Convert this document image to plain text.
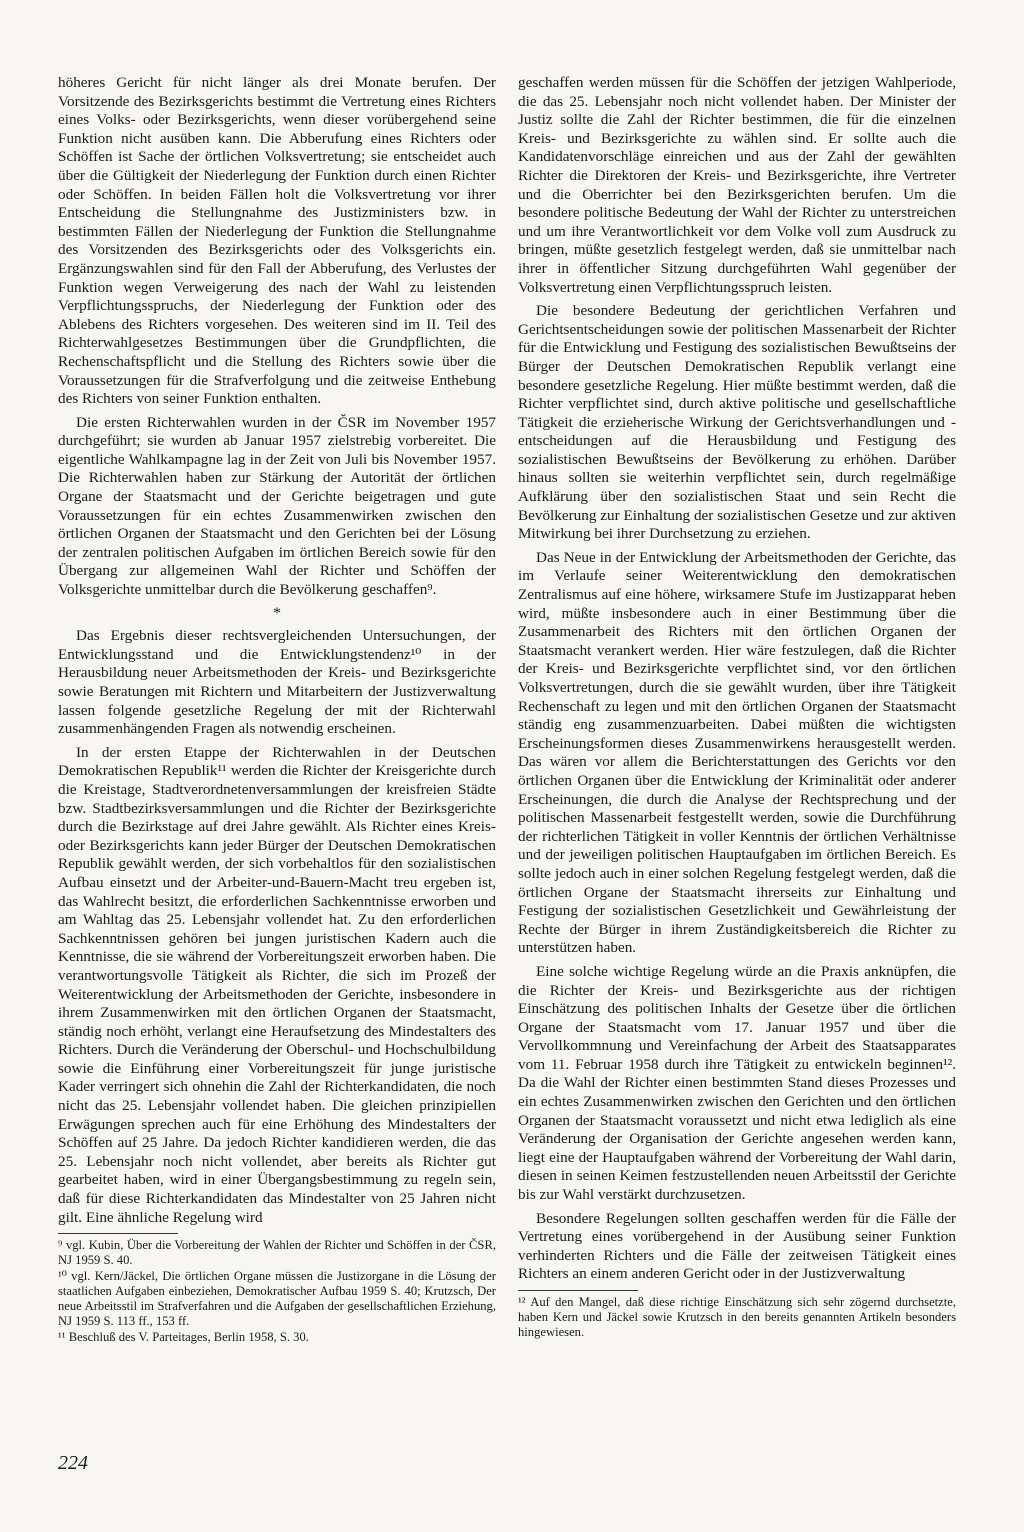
höheres Gericht für nicht länger als drei Monate berufen. Der Vorsitzende des Bezirksgerichts bestimmt die Vertretung eines Richters eines Volks- oder Bezirksgerichts, wenn dieser vorübergehend seine Funktion nicht ausüben kann. Die Abberufung eines Richters oder Schöffen ist Sache der örtlichen Volksvertretung; sie entscheidet auch über die Gültigkeit der Niederlegung der Funktion durch einen Richter oder Schöffen. In beiden Fällen holt die Volksvertretung vor ihrer Entscheidung die Stellungnahme des Justizministers bzw. in bestimmten Fällen der Niederlegung der Funktion die Stellungnahme des Vorsitzenden des Bezirksgerichts oder des Volksgerichts ein. Ergänzungswahlen sind für den Fall der Abberufung, des Verlustes der Funktion wegen Verweigerung des nach der Wahl zu leistenden Verpflichtungsspruchs, der Niederlegung der Funktion oder des Ablebens des Richters vorgesehen. Des weiteren sind im II. Teil des Richterwahlgesetzes Bestimmungen über die Grundpflichten, die Rechenschaftspflicht und die Stellung des Richters sowie über die Voraussetzungen für die Strafverfolgung und die zeitweise Enthebung des Richters von seiner Funktion enthalten.

Die ersten Richterwahlen wurden in der ČSR im November 1957 durchgeführt; sie wurden ab Januar 1957 zielstrebig vorbereitet. Die eigentliche Wahlkampagne lag in der Zeit von Juli bis November 1957. Die Richterwahlen haben zur Stärkung der Autorität der örtlichen Organe der Staatsmacht und der Gerichte beigetragen und gute Voraussetzungen für ein echtes Zusammenwirken zwischen den örtlichen Organen der Staatsmacht und den Gerichten bei der Lösung der zentralen politischen Aufgaben im örtlichen Bereich sowie für den Übergang zur allgemeinen Wahl der Richter und Schöffen der Volksgerichte unmittelbar durch die Bevölkerung geschaffen⁹.

*

Das Ergebnis dieser rechtsvergleichenden Untersuchungen, der Entwicklungsstand und die Entwicklungstendenz¹⁰ in der Herausbildung neuer Arbeitsmethoden der Kreis- und Bezirksgerichte sowie Beratungen mit Richtern und Mitarbeitern der Justizverwaltung lassen folgende gesetzliche Regelung der mit der Richterwahl zusammenhängenden Fragen als notwendig erscheinen.

In der ersten Etappe der Richterwahlen in der Deutschen Demokratischen Republik¹¹ werden die Richter der Kreisgerichte durch die Kreistage, Stadtverordnetenversammlungen der kreisfreien Städte bzw. Stadtbezirksversammlungen und die Richter der Bezirksgerichte durch die Bezirkstage auf drei Jahre gewählt. Als Richter eines Kreis- oder Bezirksgerichts kann jeder Bürger der Deutschen Demokratischen Republik gewählt werden, der sich vorbehaltlos für den sozialistischen Aufbau einsetzt und der Arbeiter-und-Bauern-Macht treu ergeben ist, das Wahlrecht besitzt, die erforderlichen Sachkenntnisse erworben und am Wahltag das 25. Lebensjahr vollendet hat. Zu den erforderlichen Sachkenntnissen gehören bei jungen juristischen Kadern auch die Kenntnisse, die sie während der Vorbereitungszeit erworben haben. Die verantwortungsvolle Tätigkeit als Richter, die sich im Prozeß der Weiterentwicklung der Arbeitsmethoden der Gerichte, insbesondere in ihrem Zusammenwirken mit den örtlichen Organen der Staatsmacht, ständig noch erhöht, verlangt eine Heraufsetzung des Mindestalters des Richters. Durch die Veränderung der Oberschul- und Hochschulbildung sowie die Einführung einer Vorbereitungszeit für junge juristische Kader verringert sich ohnehin die Zahl der Richterkandidaten, die noch nicht das 25. Lebensjahr vollendet haben. Die gleichen prinzipiellen Erwägungen sprechen auch für eine Erhöhung des Mindestalters der Schöffen auf 25 Jahre. Da jedoch Richter kandidieren werden, die das 25. Lebensjahr noch nicht vollendet, aber bereits als Richter gut gearbeitet haben, wird in einer Übergangsbestimmung zu regeln sein, daß für diese Richterkandidaten das Mindestalter von 25 Jahren nicht gilt. Eine ähnliche Regelung wird

⁹ vgl. Kubin, Über die Vorbereitung der Wahlen der Richter und Schöffen in der ČSR, NJ 1959 S. 40.

¹⁰ vgl. Kern/Jäckel, Die örtlichen Organe müssen die Justizorgane in die Lösung der staatlichen Aufgaben einbeziehen, Demokratischer Aufbau 1959 S. 40; Krutzsch, Der neue Arbeitsstil im Strafverfahren und die Aufgaben der gesellschaftlichen Erziehung, NJ 1959 S. 113 ff., 153 ff.

¹¹ Beschluß des V. Parteitages, Berlin 1958, S. 30.

geschaffen werden müssen für die Schöffen der jetzigen Wahlperiode, die das 25. Lebensjahr noch nicht vollendet haben. Der Minister der Justiz sollte die Zahl der Richter bestimmen, die für die einzelnen Kreis- und Bezirksgerichte zu wählen sind. Er sollte auch die Kandidatenvorschläge einreichen und aus der Zahl der gewählten Richter die Direktoren der Kreis- und Bezirksgerichte, ihre Vertreter und die Oberrichter bei den Bezirksgerichten berufen. Um die besondere politische Bedeutung der Wahl der Richter zu unterstreichen und um ihre Verantwortlichkeit vor dem Volke voll zum Ausdruck zu bringen, müßte gesetzlich festgelegt werden, daß sie unmittelbar nach ihrer in öffentlicher Sitzung durchgeführten Wahl gegenüber der Volksvertretung einen Verpflichtungsspruch leisten.

Die besondere Bedeutung der gerichtlichen Verfahren und Gerichtsentscheidungen sowie der politischen Massenarbeit der Richter für die Entwicklung und Festigung des sozialistischen Bewußtseins der Bürger der Deutschen Demokratischen Republik verlangt eine besondere gesetzliche Regelung. Hier müßte bestimmt werden, daß die Richter verpflichtet sind, durch aktive politische und gesellschaftliche Tätigkeit die erzieherische Wirkung der Gerichtsverhandlungen und -entscheidungen auf die Herausbildung und Festigung des sozialistischen Bewußtseins der Bevölkerung zu erhöhen. Darüber hinaus sollten sie weiterhin verpflichtet sein, durch regelmäßige Aufklärung über den sozialistischen Staat und sein Recht die Bevölkerung zur Einhaltung der sozialistischen Gesetze und zur aktiven Mitwirkung bei ihrer Durchsetzung zu erziehen.

Das Neue in der Entwicklung der Arbeitsmethoden der Gerichte, das im Verlaufe seiner Weiterentwicklung den demokratischen Zentralismus auf eine höhere, wirksamere Stufe im Justizapparat heben wird, müßte insbesondere auch in einer Bestimmung über die Zusammenarbeit des Richters mit den örtlichen Organen der Staatsmacht verankert werden. Hier wäre festzulegen, daß die Richter der Kreis- und Bezirksgerichte verpflichtet sind, vor den örtlichen Volksvertretungen, durch die sie gewählt wurden, über ihre Tätigkeit Rechenschaft zu legen und mit den örtlichen Organen der Staatsmacht ständig eng zusammenzuarbeiten. Dabei müßten die wichtigsten Erscheinungsformen dieses Zusammenwirkens herausgestellt werden. Das wären vor allem die Berichterstattungen des Gerichts vor den örtlichen Organen über die Entwicklung der Kriminalität oder anderer Erscheinungen, die durch die Analyse der Rechtsprechung und der politischen Massenarbeit festgestellt werden, sowie die Durchführung der richterlichen Tätigkeit in voller Kenntnis der örtlichen Verhältnisse und der jeweiligen politischen Hauptaufgaben im örtlichen Bereich. Es sollte jedoch auch in einer solchen Regelung festgelegt werden, daß die örtlichen Organe der Staatsmacht ihrerseits zur Einhaltung und Festigung der sozialistischen Gesetzlichkeit und Gewährleistung der Rechte der Bürger in ihrem Zuständigkeitsbereich die Richter zu unterstützen haben.

Eine solche wichtige Regelung würde an die Praxis anknüpfen, die die Richter der Kreis- und Bezirksgerichte aus der richtigen Einschätzung des politischen Inhalts der Gesetze über die örtlichen Organe der Staatsmacht vom 17. Januar 1957 und über die Vervollkommnung und Vereinfachung der Arbeit des Staatsapparates vom 11. Februar 1958 durch ihre Tätigkeit zu entwickeln beginnen¹². Da die Wahl der Richter einen bestimmten Stand dieses Prozesses und ein echtes Zusammenwirken zwischen den Gerichten und den örtlichen Organen der Staatsmacht voraussetzt und nicht etwa lediglich als eine Veränderung der Organisation der Gerichte angesehen werden kann, liegt eine der Hauptaufgaben während der Vorbereitung der Wahl darin, diesen in seinen Keimen festzustellenden neuen Arbeitsstil der Gerichte bis zur Wahl verstärkt durchzusetzen.

Besondere Regelungen sollten geschaffen werden für die Fälle der Vertretung eines vorübergehend in der Ausübung seiner Funktion verhinderten Richters und die Fälle der zeitweisen Tätigkeit eines Richters an einem anderen Gericht oder in der Justizverwaltung

¹² Auf den Mangel, daß diese richtige Einschätzung sich sehr zögernd durchsetzte, haben Kern und Jäckel sowie Krutzsch in den bereits genannten Artikeln besonders hingewiesen.

224
